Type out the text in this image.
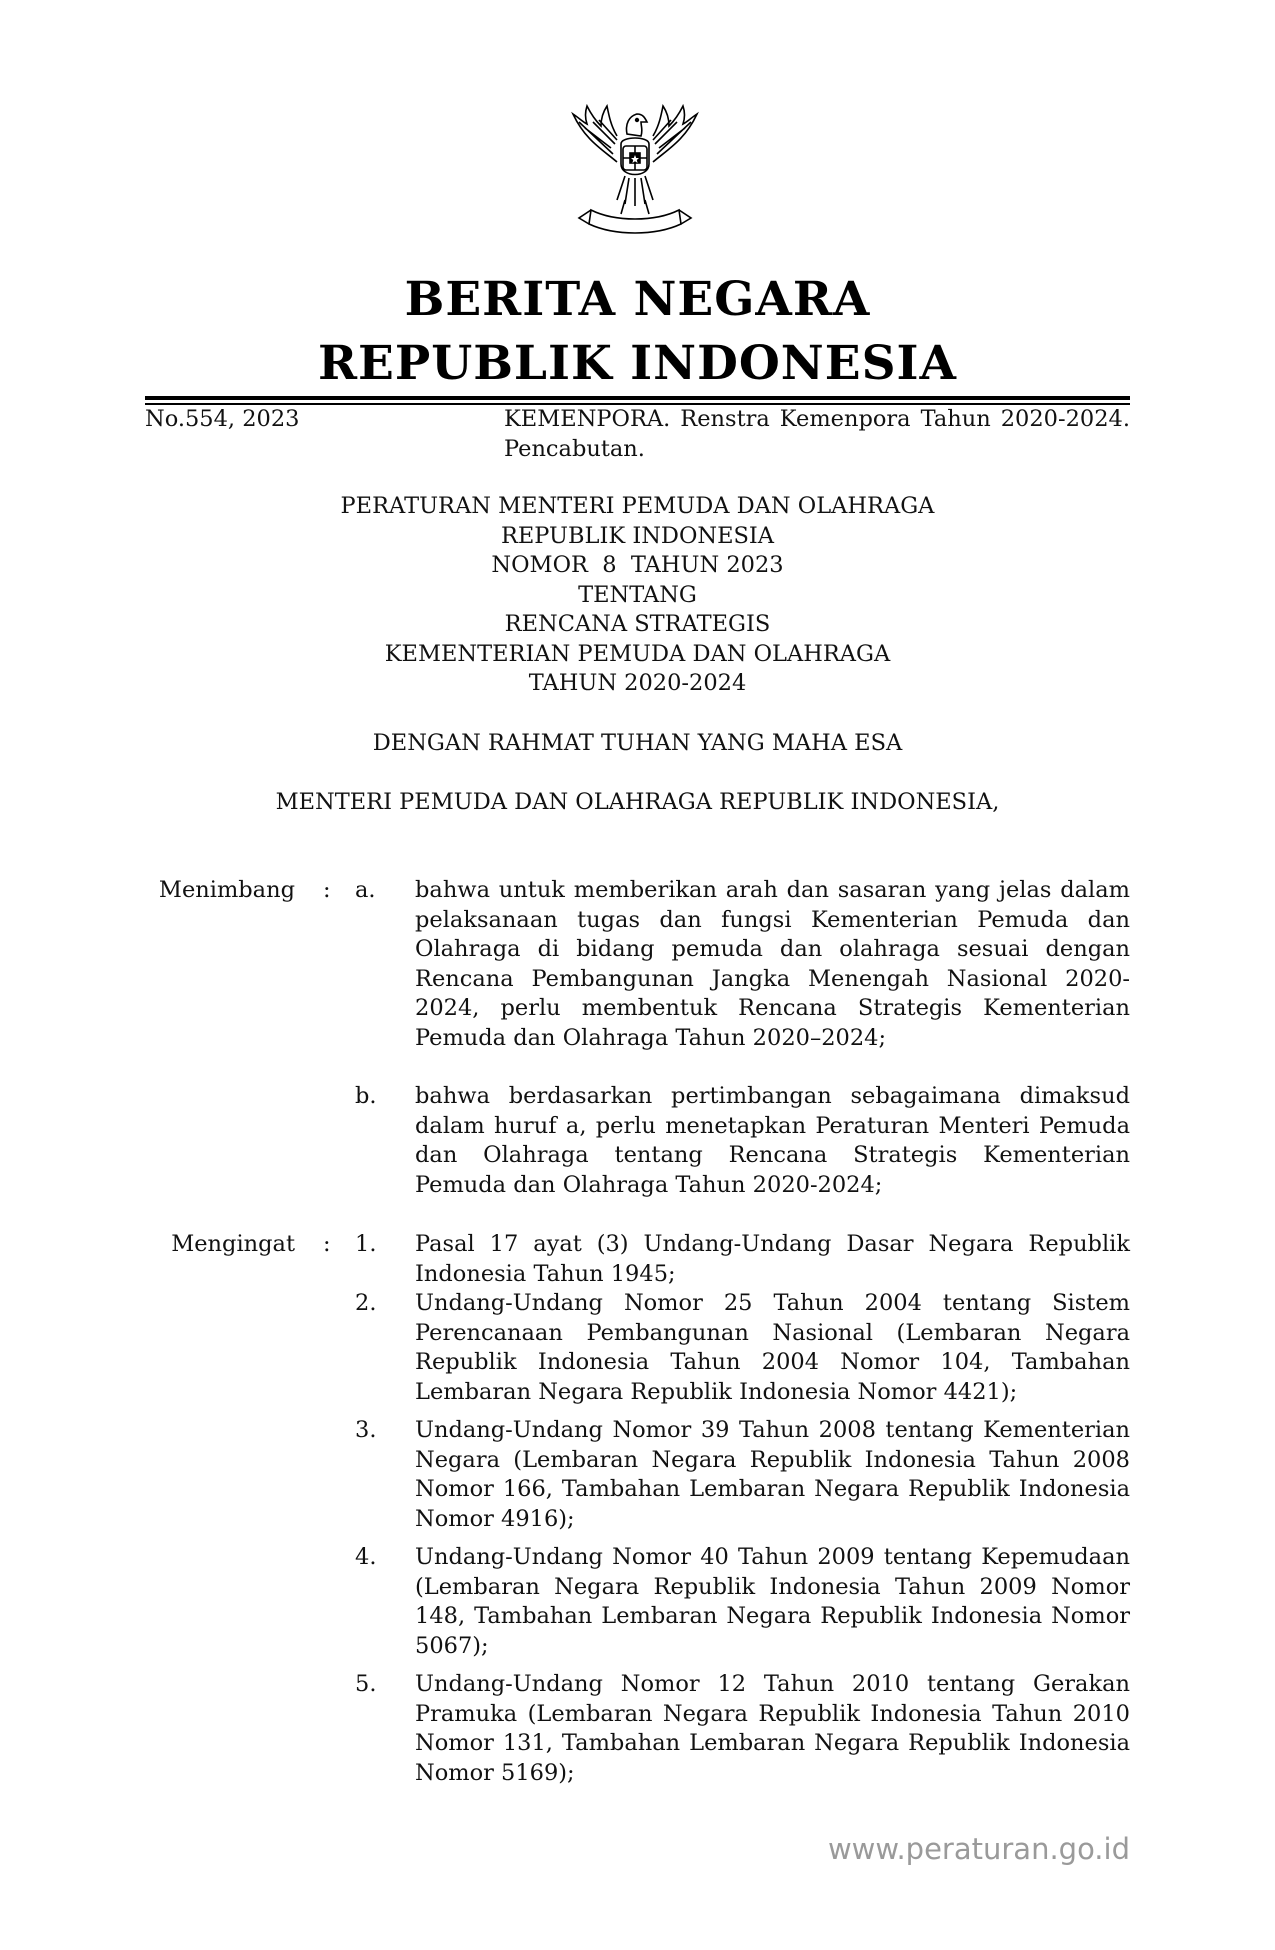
BERITA NEGARA
REPUBLIK INDONESIA
No.554, 2023	KEMENPORA. Renstra Kemenpora Tahun 2020-2024. Pencabutan.
PERATURAN MENTERI PEMUDA DAN OLAHRAGA
REPUBLIK INDONESIA
NOMOR  8  TAHUN 2023
TENTANG
RENCANA STRATEGIS
KEMENTERIAN PEMUDA DAN OLAHRAGA
TAHUN 2020-2024
DENGAN RAHMAT TUHAN YANG MAHA ESA
MENTERI PEMUDA DAN OLAHRAGA REPUBLIK INDONESIA,
Menimbang : a. bahwa untuk memberikan arah dan sasaran yang jelas dalam pelaksanaan tugas dan fungsi Kementerian Pemuda dan Olahraga di bidang pemuda dan olahraga sesuai dengan Rencana Pembangunan Jangka Menengah Nasional 2020-2024, perlu membentuk Rencana Strategis Kementerian Pemuda dan Olahraga Tahun 2020–2024;
b. bahwa berdasarkan pertimbangan sebagaimana dimaksud dalam huruf a, perlu menetapkan Peraturan Menteri Pemuda dan Olahraga tentang Rencana Strategis Kementerian Pemuda dan Olahraga Tahun 2020-2024;
Mengingat : 1. Pasal 17 ayat (3) Undang-Undang Dasar Negara Republik Indonesia Tahun 1945;
2. Undang-Undang Nomor 25 Tahun 2004 tentang Sistem Perencanaan Pembangunan Nasional (Lembaran Negara Republik Indonesia Tahun 2004 Nomor 104, Tambahan Lembaran Negara Republik Indonesia Nomor 4421);
3. Undang-Undang Nomor 39 Tahun 2008 tentang Kementerian Negara (Lembaran Negara Republik Indonesia Tahun 2008 Nomor 166, Tambahan Lembaran Negara Republik Indonesia Nomor 4916);
4. Undang-Undang Nomor 40 Tahun 2009 tentang Kepemudaan (Lembaran Negara Republik Indonesia Tahun 2009 Nomor 148, Tambahan Lembaran Negara Republik Indonesia Nomor 5067);
5. Undang-Undang Nomor 12 Tahun 2010 tentang Gerakan Pramuka (Lembaran Negara Republik Indonesia Tahun 2010 Nomor 131, Tambahan Lembaran Negara Republik Indonesia Nomor 5169);
www.peraturan.go.id
